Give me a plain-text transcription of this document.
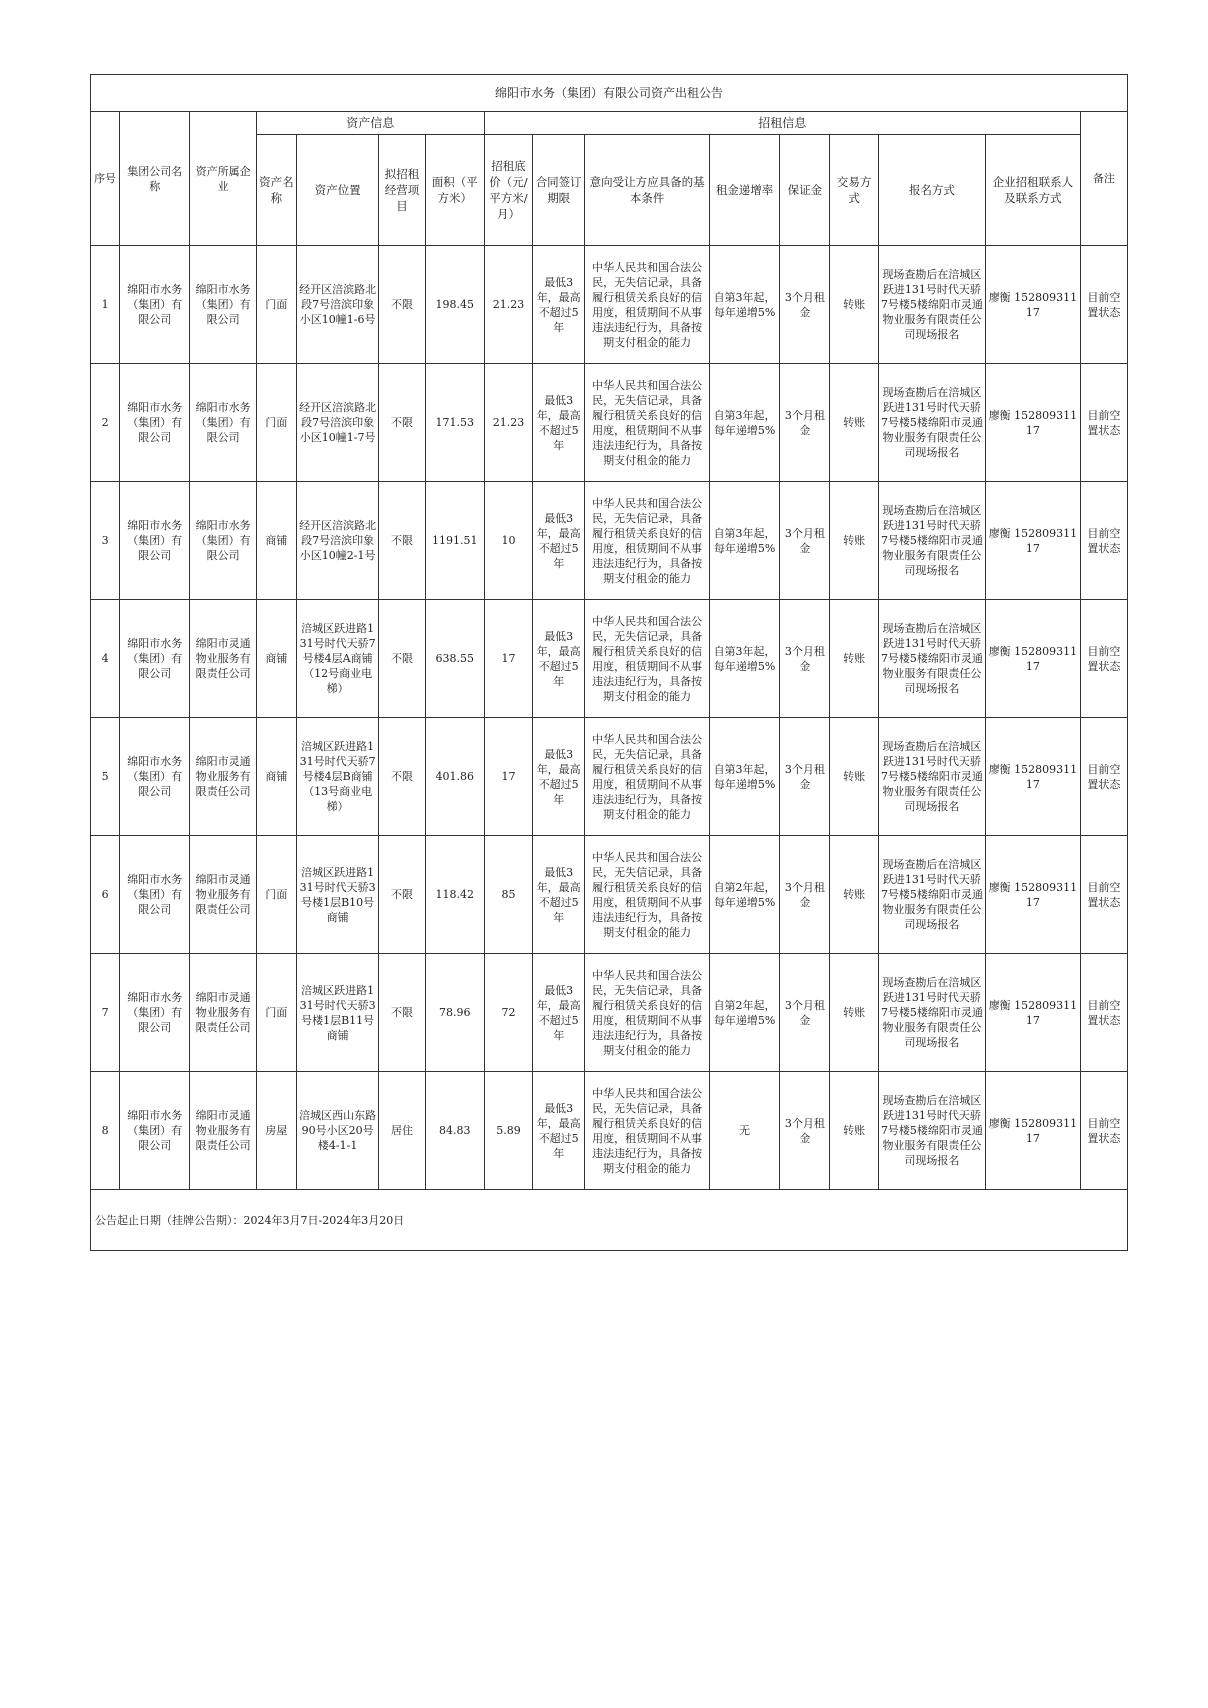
绵阳市水务（集团）有限公司资产出租公告															
序号	集团公司名称	资产所属企业	资产信息				招租信息								备注
			资产名称	资产位置	拟招租经营项目	面积（平方米）	招租底价（元/平方米/月）	合同签订期限	意向受让方应具备的基本条件	租金递增率	保证金	交易方式	报名方式	企业招租联系人及联系方式	
1	绵阳市水务（集团）有限公司	绵阳市水务（集团）有限公司	门面	经开区涪滨路北段7号涪滨印象小区10幢1-6号	不限	198.45	21.23	最低3年，最高不超过5年	中华人民共和国合法公民，无失信记录，具备履行租赁关系良好的信用度，租赁期间不从事违法违纪行为，具备按期支付租金的能力	自第3年起，每年递增5%	3个月租金	转账	现场查勘后在涪城区跃进131号时代天骄7号楼5楼绵阳市灵通物业服务有限责任公司现场报名	廖衡 15280931117	目前空置状态
2	绵阳市水务（集团）有限公司	绵阳市水务（集团）有限公司	门面	经开区涪滨路北段7号涪滨印象小区10幢1-7号	不限	171.53	21.23	最低3年，最高不超过5年	中华人民共和国合法公民，无失信记录，具备履行租赁关系良好的信用度，租赁期间不从事违法违纪行为，具备按期支付租金的能力	自第3年起，每年递增5%	3个月租金	转账	现场查勘后在涪城区跃进131号时代天骄7号楼5楼绵阳市灵通物业服务有限责任公司现场报名	廖衡 15280931117	目前空置状态
3	绵阳市水务（集团）有限公司	绵阳市水务（集团）有限公司	商铺	经开区涪滨路北段7号涪滨印象小区10幢2-1号	不限	1191.51	10	最低3年，最高不超过5年	中华人民共和国合法公民，无失信记录，具备履行租赁关系良好的信用度，租赁期间不从事违法违纪行为，具备按期支付租金的能力	自第3年起，每年递增5%	3个月租金	转账	现场查勘后在涪城区跃进131号时代天骄7号楼5楼绵阳市灵通物业服务有限责任公司现场报名	廖衡 15280931117	目前空置状态
4	绵阳市水务（集团）有限公司	绵阳市灵通物业服务有限责任公司	商铺	涪城区跃进路131号时代天骄7号楼4层A商铺（12号商业电梯）	不限	638.55	17	最低3年，最高不超过5年	中华人民共和国合法公民，无失信记录，具备履行租赁关系良好的信用度，租赁期间不从事违法违纪行为，具备按期支付租金的能力	自第3年起，每年递增5%	3个月租金	转账	现场查勘后在涪城区跃进131号时代天骄7号楼5楼绵阳市灵通物业服务有限责任公司现场报名	廖衡 15280931117	目前空置状态
5	绵阳市水务（集团）有限公司	绵阳市灵通物业服务有限责任公司	商铺	涪城区跃进路131号时代天骄7号楼4层B商铺（13号商业电梯）	不限	401.86	17	最低3年，最高不超过5年	中华人民共和国合法公民，无失信记录，具备履行租赁关系良好的信用度，租赁期间不从事违法违纪行为，具备按期支付租金的能力	自第3年起，每年递增5%	3个月租金	转账	现场查勘后在涪城区跃进131号时代天骄7号楼5楼绵阳市灵通物业服务有限责任公司现场报名	廖衡 15280931117	目前空置状态
6	绵阳市水务（集团）有限公司	绵阳市灵通物业服务有限责任公司	门面	涪城区跃进路131号时代天骄3号楼1层B10号商铺	不限	118.42	85	最低3年，最高不超过5年	中华人民共和国合法公民，无失信记录，具备履行租赁关系良好的信用度，租赁期间不从事违法违纪行为，具备按期支付租金的能力	自第2年起，每年递增5%	3个月租金	转账	现场查勘后在涪城区跃进131号时代天骄7号楼5楼绵阳市灵通物业服务有限责任公司现场报名	廖衡 15280931117	目前空置状态
7	绵阳市水务（集团）有限公司	绵阳市灵通物业服务有限责任公司	门面	涪城区跃进路131号时代天骄3号楼1层B11号商铺	不限	78.96	72	最低3年，最高不超过5年	中华人民共和国合法公民，无失信记录，具备履行租赁关系良好的信用度，租赁期间不从事违法违纪行为，具备按期支付租金的能力	自第2年起，每年递增5%	3个月租金	转账	现场查勘后在涪城区跃进131号时代天骄7号楼5楼绵阳市灵通物业服务有限责任公司现场报名	廖衡 15280931117	目前空置状态
8	绵阳市水务（集团）有限公司	绵阳市灵通物业服务有限责任公司	房屋	涪城区西山东路90号小区20号楼4-1-1	居住	84.83	5.89	最低3年，最高不超过5年	中华人民共和国合法公民，无失信记录，具备履行租赁关系良好的信用度，租赁期间不从事违法违纪行为，具备按期支付租金的能力	无	3个月租金	转账	现场查勘后在涪城区跃进131号时代天骄7号楼5楼绵阳市灵通物业服务有限责任公司现场报名	廖衡 15280931117	目前空置状态
公告起止日期（挂牌公告期）：2024年3月7日-2024年3月20日															
